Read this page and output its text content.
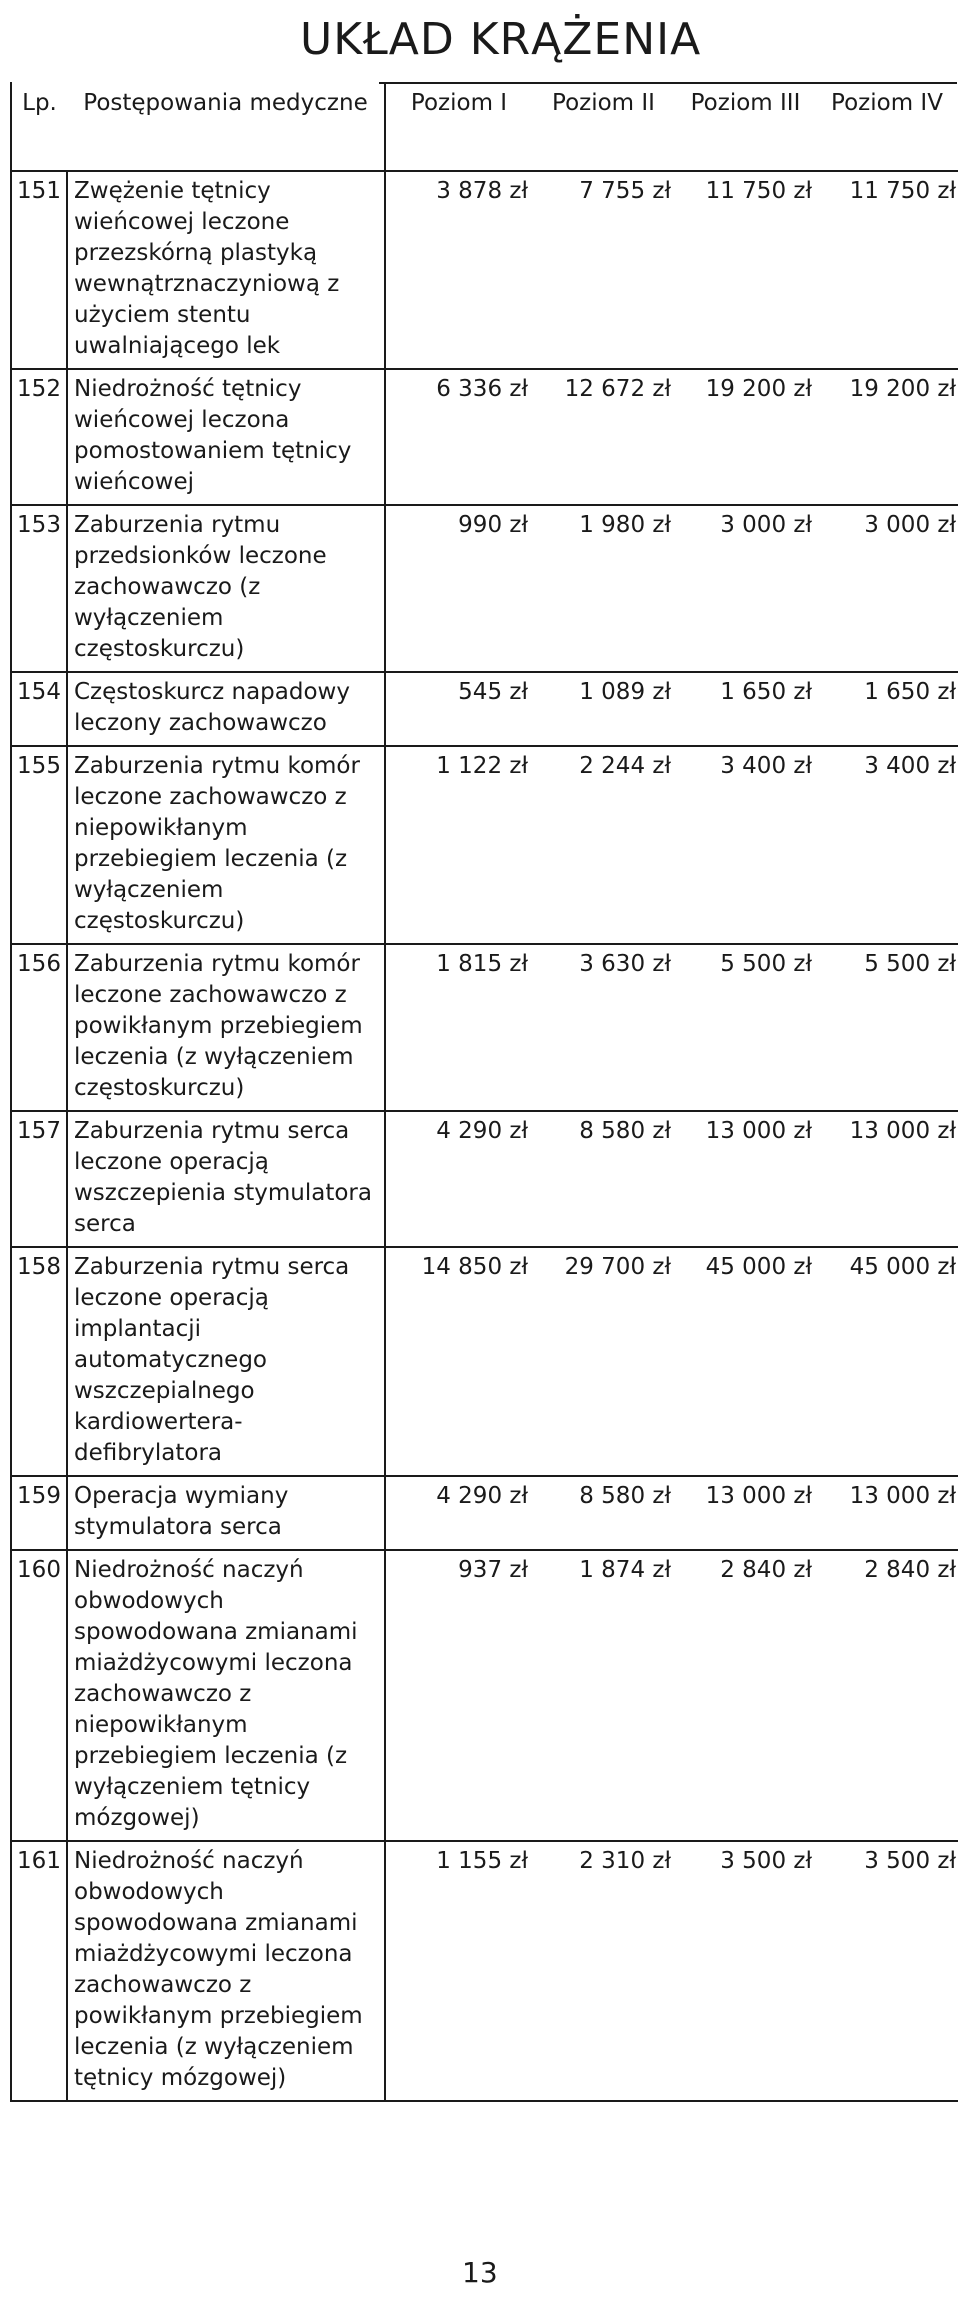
UKŁAD KRĄŻENIA
Lp.	Postępowania medyczne	Poziom I	Poziom II	Poziom III	Poziom IV
151	Zwężenie tętnicy wieńcowej leczone przezskórną plastyką wewnątrznaczyniową z użyciem stentu uwalniającego lek	3 878 zł	7 755 zł	11 750 zł	11 750 zł
152	Niedrożność tętnicy wieńcowej leczona pomostowaniem tętnicy wieńcowej	6 336 zł	12 672 zł	19 200 zł	19 200 zł
153	Zaburzenia rytmu przedsionków leczone zachowawczo (z wyłączeniem częstoskurczu)	990 zł	1 980 zł	3 000 zł	3 000 zł
154	Częstoskurcz napadowy leczony zachowawczo	545 zł	1 089 zł	1 650 zł	1 650 zł
155	Zaburzenia rytmu komór leczone zachowawczo z niepowikłanym przebiegiem leczenia (z wyłączeniem częstoskurczu)	1 122 zł	2 244 zł	3 400 zł	3 400 zł
156	Zaburzenia rytmu komór leczone zachowawczo z powikłanym przebiegiem leczenia (z wyłączeniem częstoskurczu)	1 815 zł	3 630 zł	5 500 zł	5 500 zł
157	Zaburzenia rytmu serca leczone operacją wszczepienia stymulatora serca	4 290 zł	8 580 zł	13 000 zł	13 000 zł
158	Zaburzenia rytmu serca leczone operacją implantacji automatycznego wszczepialnego kardiowertera-defibrylatora	14 850 zł	29 700 zł	45 000 zł	45 000 zł
159	Operacja wymiany stymulatora serca	4 290 zł	8 580 zł	13 000 zł	13 000 zł
160	Niedrożność naczyń obwodowych spowodowana zmianami miażdżycowymi leczona zachowawczo z niepowikłanym przebiegiem leczenia (z wyłączeniem tętnicy mózgowej)	937 zł	1 874 zł	2 840 zł	2 840 zł
161	Niedrożność naczyń obwodowych spowodowana zmianami miażdżycowymi leczona zachowawczo z powikłanym przebiegiem leczenia (z wyłączeniem tętnicy mózgowej)	1 155 zł	2 310 zł	3 500 zł	3 500 zł
13
